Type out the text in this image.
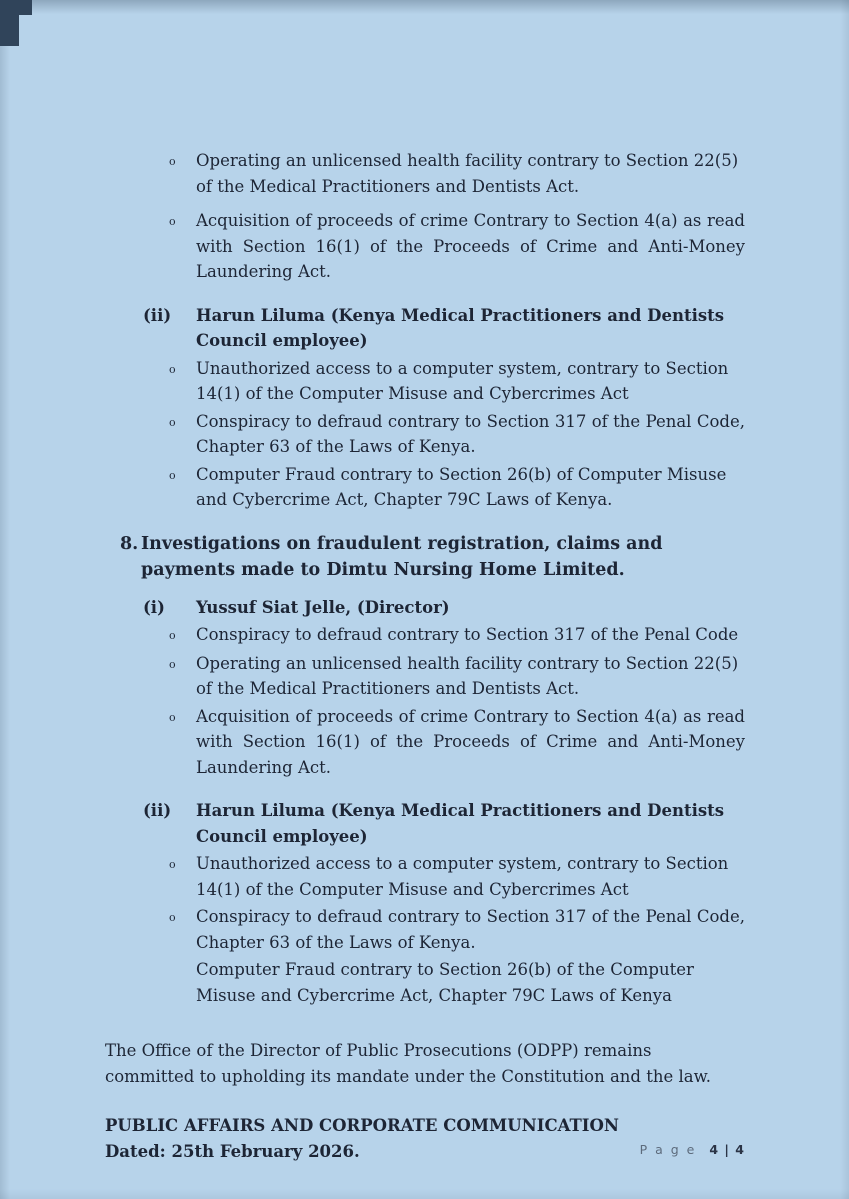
o	Operating an unlicensed health facility contrary to Section 22(5) of the Medical Practitioners and Dentists Act.
o	Acquisition of proceeds of crime Contrary to Section 4(a) as read with Section 16(1) of the Proceeds of Crime and Anti-Money Laundering Act.
(ii)	Harun Liluma (Kenya Medical Practitioners and Dentists Council employee)
o	Unauthorized access to a computer system, contrary to Section 14(1) of the Computer Misuse and Cybercrimes Act
o	Conspiracy to defraud contrary to Section 317 of the Penal Code, Chapter 63 of the Laws of Kenya.
o	Computer Fraud contrary to Section 26(b) of Computer Misuse and Cybercrime Act, Chapter 79C Laws of Kenya.
8. Investigations on fraudulent registration, claims and payments made to Dimtu Nursing Home Limited.
(i)	Yussuf Siat Jelle, (Director)
o	Conspiracy to defraud contrary to Section 317 of the Penal Code
o	Operating an unlicensed health facility contrary to Section 22(5) of the Medical Practitioners and Dentists Act.
o	Acquisition of proceeds of crime Contrary to Section 4(a) as read with Section 16(1) of the Proceeds of Crime and Anti-Money Laundering Act.
(ii)	Harun Liluma (Kenya Medical Practitioners and Dentists Council employee)
o	Unauthorized access to a computer system, contrary to Section 14(1) of the Computer Misuse and Cybercrimes Act
o	Conspiracy to defraud contrary to Section 317 of the Penal Code, Chapter 63 of the Laws of Kenya.
Computer Fraud contrary to Section 26(b) of the Computer Misuse and Cybercrime Act, Chapter 79C Laws of Kenya

The Office of the Director of Public Prosecutions (ODPP) remains committed to upholding its mandate under the Constitution and the law.

PUBLIC AFFAIRS AND CORPORATE COMMUNICATION
Dated: 25th February 2026.	P a g e 4 | 4
